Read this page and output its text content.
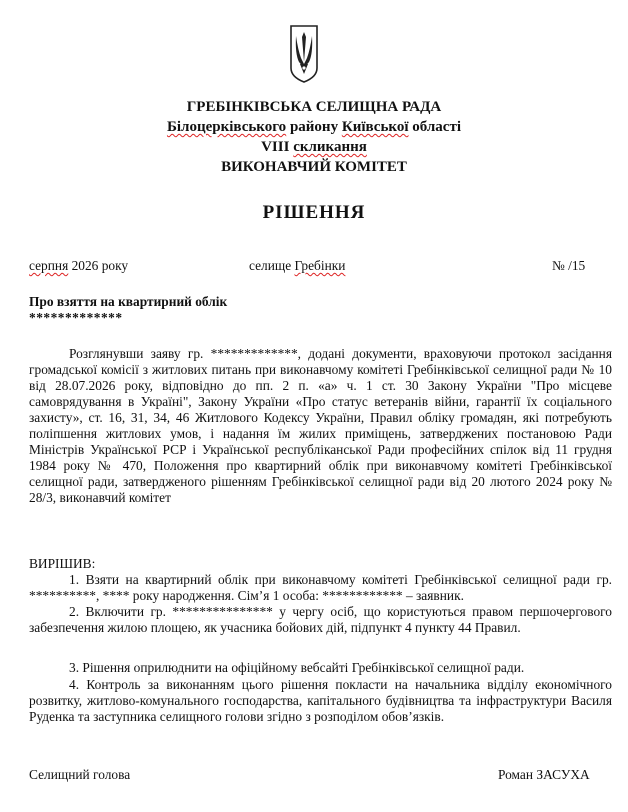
ГРЕБІНКІВСЬКА СЕЛИЩНА РАДА
Білоцерківського району Київської області
VIII скликання
ВИКОНАВЧИЙ КОМІТЕТ
РІШЕННЯ
серпня 2026 року	селище Гребінки	№ /15
Про взяття на квартирний облік
*************
Розглянувши заяву гр. *************, додані документи, враховуючи протокол засідання громадської комісії з житлових питань при виконавчому комітеті Гребінківської селищної ради № 10 від 28.07.2026 року, відповідно до пп. 2 п. «а» ч. 1 ст. 30 Закону України "Про місцеве самоврядування в Україні", Закону України «Про статус ветеранів війни, гарантії їх соціального захисту», ст. 16, 31, 34, 46 Житлового Кодексу України, Правил обліку громадян, які потребують поліпшення житлових умов, і надання їм жилих приміщень, затверджених постановою Ради Міністрів Української РСР і Української республіканської Ради професійних спілок від 11 грудня 1984 року № 470, Положення про квартирний облік при виконавчому комітеті Гребінківської селищної ради, затвердженого рішенням Гребінківської селищної ради від 20 лютого 2024 року № 28/3, виконавчий комітет
ВИРІШИВ:
1. Взяти на квартирний облік при виконавчому комітеті Гребінківської селищної ради гр. **********, **** року народження. Сім’я 1 особа: ************ – заявник.
2. Включити гр. *************** у чергу осіб, що користуються правом першочергового забезпечення жилою площею, як учасника бойових дій, підпункт 4 пункту 44 Правил.
3. Рішення оприлюднити на офіційному вебсайті Гребінківської селищної ради.
4. Контроль за виконанням цього рішення покласти на начальника відділу економічного розвитку, житлово-комунального господарства, капітального будівництва та інфраструктури Василя Руденка та заступника селищного голови згідно з розподілом обов’язків.
Селищний голова	Роман ЗАСУХА
